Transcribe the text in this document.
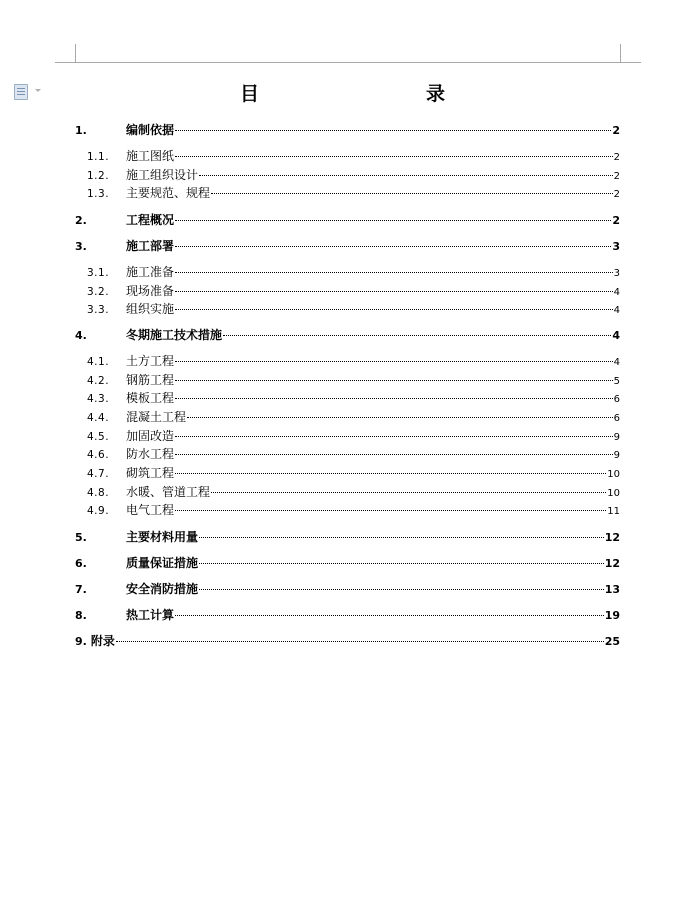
目　　录
1.	编制依据	2
1.1.	施工图纸	2
1.2.	施工组织设计	2
1.3.	主要规范、规程	2
2.	工程概况	2
3.	施工部署	3
3.1.	施工准备	3
3.2.	现场准备	4
3.3.	组织实施	4
4.	冬期施工技术措施	4
4.1.	土方工程	4
4.2.	钢筋工程	5
4.3.	模板工程	6
4.4.	混凝土工程	6
4.5.	加固改造	9
4.6.	防水工程	9
4.7.	砌筑工程	10
4.8.	水暖、管道工程	10
4.9.	电气工程	11
5.	主要材料用量	12
6.	质量保证措施	12
7.	安全消防措施	13
8.	热工计算	19
9. 附录	25
